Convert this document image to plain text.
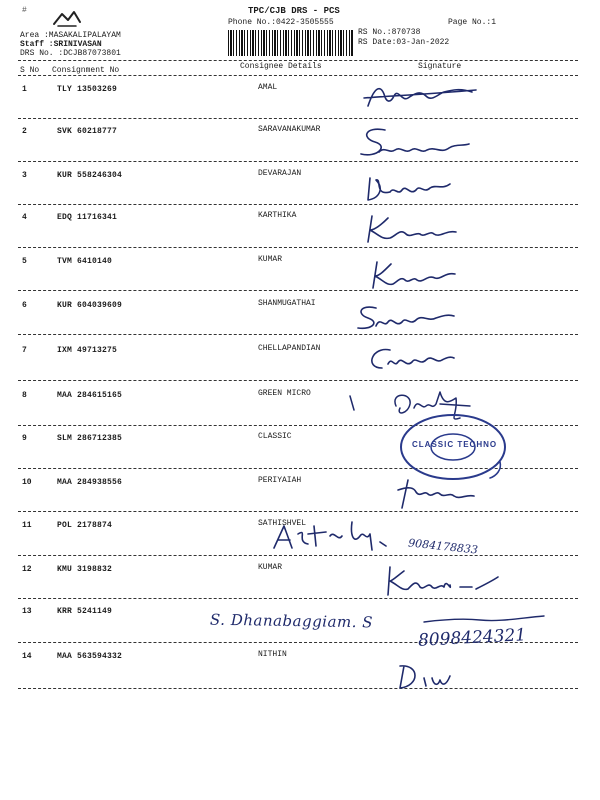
#	TPC/CJB DRS - PCS
Phone No.:0422-3505555	Page No.:1
RS No.:870738
RS Date:03-Jan-2022
Area :MASAKALIPALAYAM
Staff :SRINIVASAN
DRS No. :DCJB87073801
S No Consignment No	Consignee Details	Signature
1	TLY 13503269	AMAL
2	SVK 60218777	SARAVANAKUMAR
3	KUR 558246304	DEVARAJAN
4	EDQ 11716341	KARTHIKA
5	TVM 6410140	KUMAR
6	KUR 604039609	SHANMUGATHAI
7	IXM 49713275	CHELLAPANDIAN
8	MAA 284615165	GREEN MICRO
9	SLM 286712385	CLASSIC
10	MAA 284938556	PERIYAIAH
11	POL 2178874	SATHISHVEL
12	KMU 3198832	KUMAR
13	KRR 5241149
14	MAA 563594332	NITHIN
9084178833
S. Dhanabaggiam. S
8098424321
CLASSIC TECHNO
